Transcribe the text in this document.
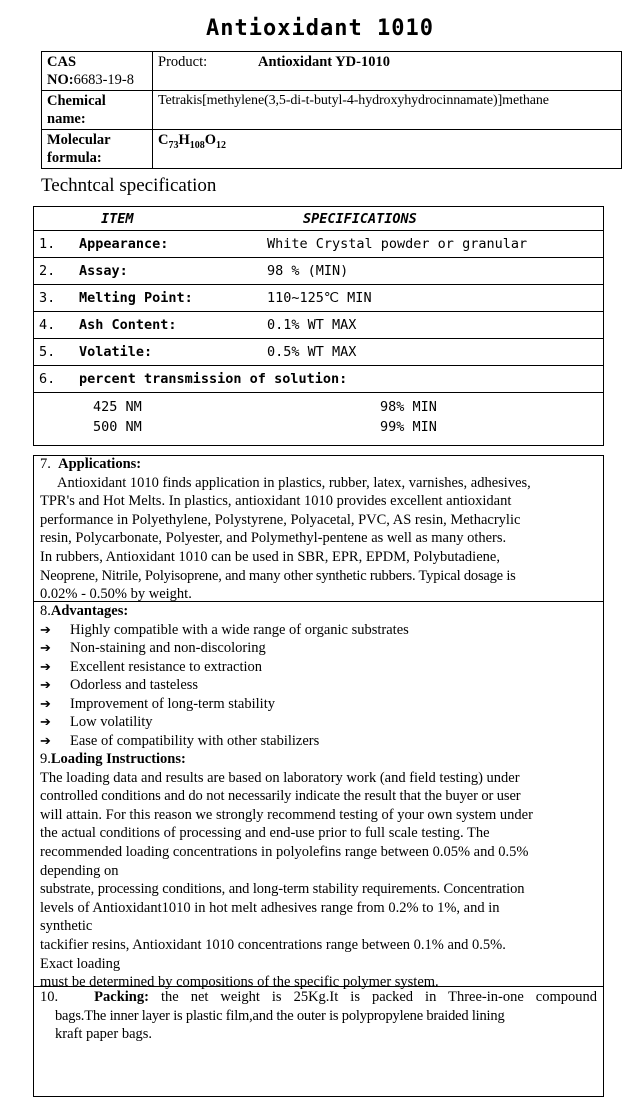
Antioxidant 1010
CAS
NO:6683-19-8	Product: Antioxidant YD-1010
Chemical name:	Tetrakis[methylene(3,5-di-t-butyl-4-hydroxyhydrocinnamate)]methane
Molecular formula:	$C_{73}H_{108}O_{12}$
Techntcal specification
	ITEM	SPECIFICATIONS
1.	Appearance:	White Crystal powder or granular
2.	Assay:	98 % (MIN)
3.	Melting Point:	110~125℃ MIN
4.	Ash Content:	0.1% WT MAX
5.	Volatile:	0.5% WT MAX
6.	percent transmission of solution:	
	425 NM	98% MIN
	500 NM	99% MIN
7. Applications:
Antioxidant 1010 finds application in plastics, rubber, latex, varnishes, adhesives,
TPR's and Hot Melts. In plastics, antioxidant 1010 provides excellent antioxidant
performance in Polyethylene, Polystyrene, Polyacetal, PVC, AS resin, Methacrylic
resin, Polycarbonate, Polyester, and Polymethyl-pentene as well as many others.
In rubbers, Antioxidant 1010 can be used in SBR, EPR, EPDM, Polybutadiene,
Neoprene, Nitrile, Polyisoprene, and many other synthetic rubbers. Typical dosage is
0.02% - 0.50% by weight.
8.Advantages:
➔ Highly compatible with a wide range of organic substrates
➔ Non-staining and non-discoloring
➔ Excellent resistance to extraction
➔ Odorless and tasteless
➔ Improvement of long-term stability
➔ Low volatility
➔ Ease of compatibility with other stabilizers
9.Loading Instructions:
The loading data and results are based on laboratory work (and field testing) under
controlled conditions and do not necessarily indicate the result that the buyer or user
will attain. For this reason we strongly recommend testing of your own system under
the actual conditions of processing and end-use prior to full scale testing. The
recommended loading concentrations in polyolefins range between 0.05% and 0.5%
depending on
substrate, processing conditions, and long-term stability requirements. Concentration
levels of Antioxidant1010 in hot melt adhesives range from 0.2% to 1%, and in
synthetic
tackifier resins, Antioxidant 1010 concentrations range between 0.1% and 0.5%.
Exact loading
must be determined by compositions of the specific polymer system.
10. Packing: the net weight is 25Kg.It is packed in Three-in-one compound
bags.The inner layer is plastic film,and the outer is polypropylene braided lining
kraft paper bags.
